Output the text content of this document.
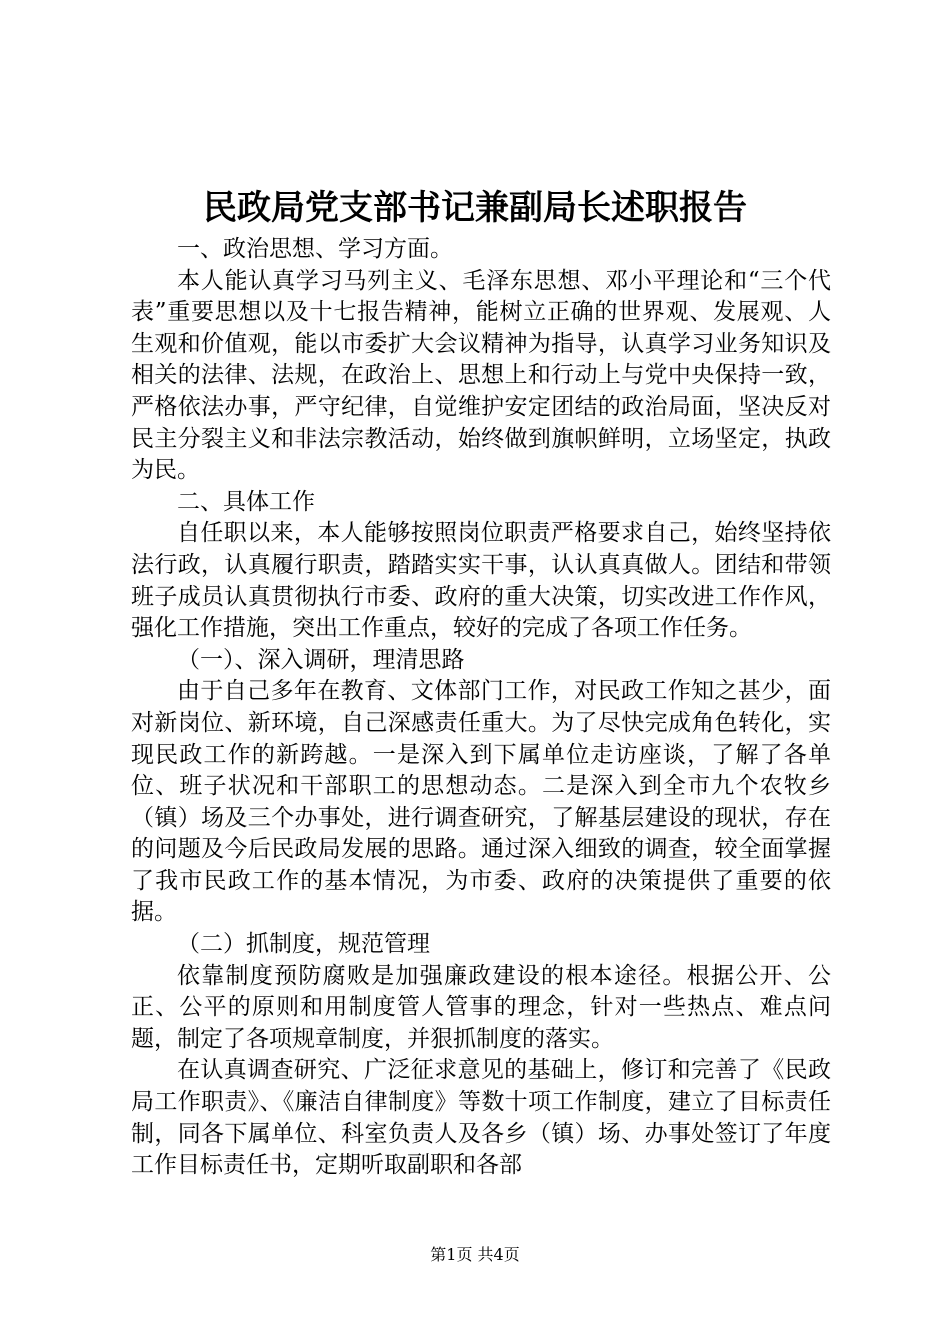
民政局党支部书记兼副局长述职报告

一、政治思想、学习方面。

本人能认真学习马列主义、毛泽东思想、邓小平理论和“三个代表”重要思想以及十七报告精神，能树立正确的世界观、发展观、人生观和价值观，能以市委扩大会议精神为指导，认真学习业务知识及相关的法律、法规，在政治上、思想上和行动上与党中央保持一致，严格依法办事，严守纪律，自觉维护安定团结的政治局面，坚决反对民主分裂主义和非法宗教活动，始终做到旗帜鲜明，立场坚定，执政为民。

二、具体工作

自任职以来，本人能够按照岗位职责严格要求自己，始终坚持依法行政，认真履行职责，踏踏实实干事，认认真真做人。团结和带领班子成员认真贯彻执行市委、政府的重大决策，切实改进工作作风，强化工作措施，突出工作重点，较好的完成了各项工作任务。

（一）、深入调研，理清思路

由于自己多年在教育、文体部门工作，对民政工作知之甚少，面对新岗位、新环境，自己深感责任重大。为了尽快完成角色转化，实现民政工作的新跨越。一是深入到下属单位走访座谈，了解了各单位、班子状况和干部职工的思想动态。二是深入到全市九个农牧乡（镇）场及三个办事处，进行调查研究，了解基层建设的现状，存在的问题及今后民政局发展的思路。通过深入细致的调查，较全面掌握了我市民政工作的基本情况，为市委、政府的决策提供了重要的依据。

（二）抓制度，规范管理

依靠制度预防腐败是加强廉政建设的根本途径。根据公开、公正、公平的原则和用制度管人管事的理念，针对一些热点、难点问题，制定了各项规章制度，并狠抓制度的落实。

在认真调查研究、广泛征求意见的基础上，修订和完善了《民政局工作职责》、《廉洁自律制度》等数十项工作制度，建立了目标责任制，同各下属单位、科室负责人及各乡（镇）场、办事处签订了年度工作目标责任书，定期听取副职和各部

第1页 共4页
